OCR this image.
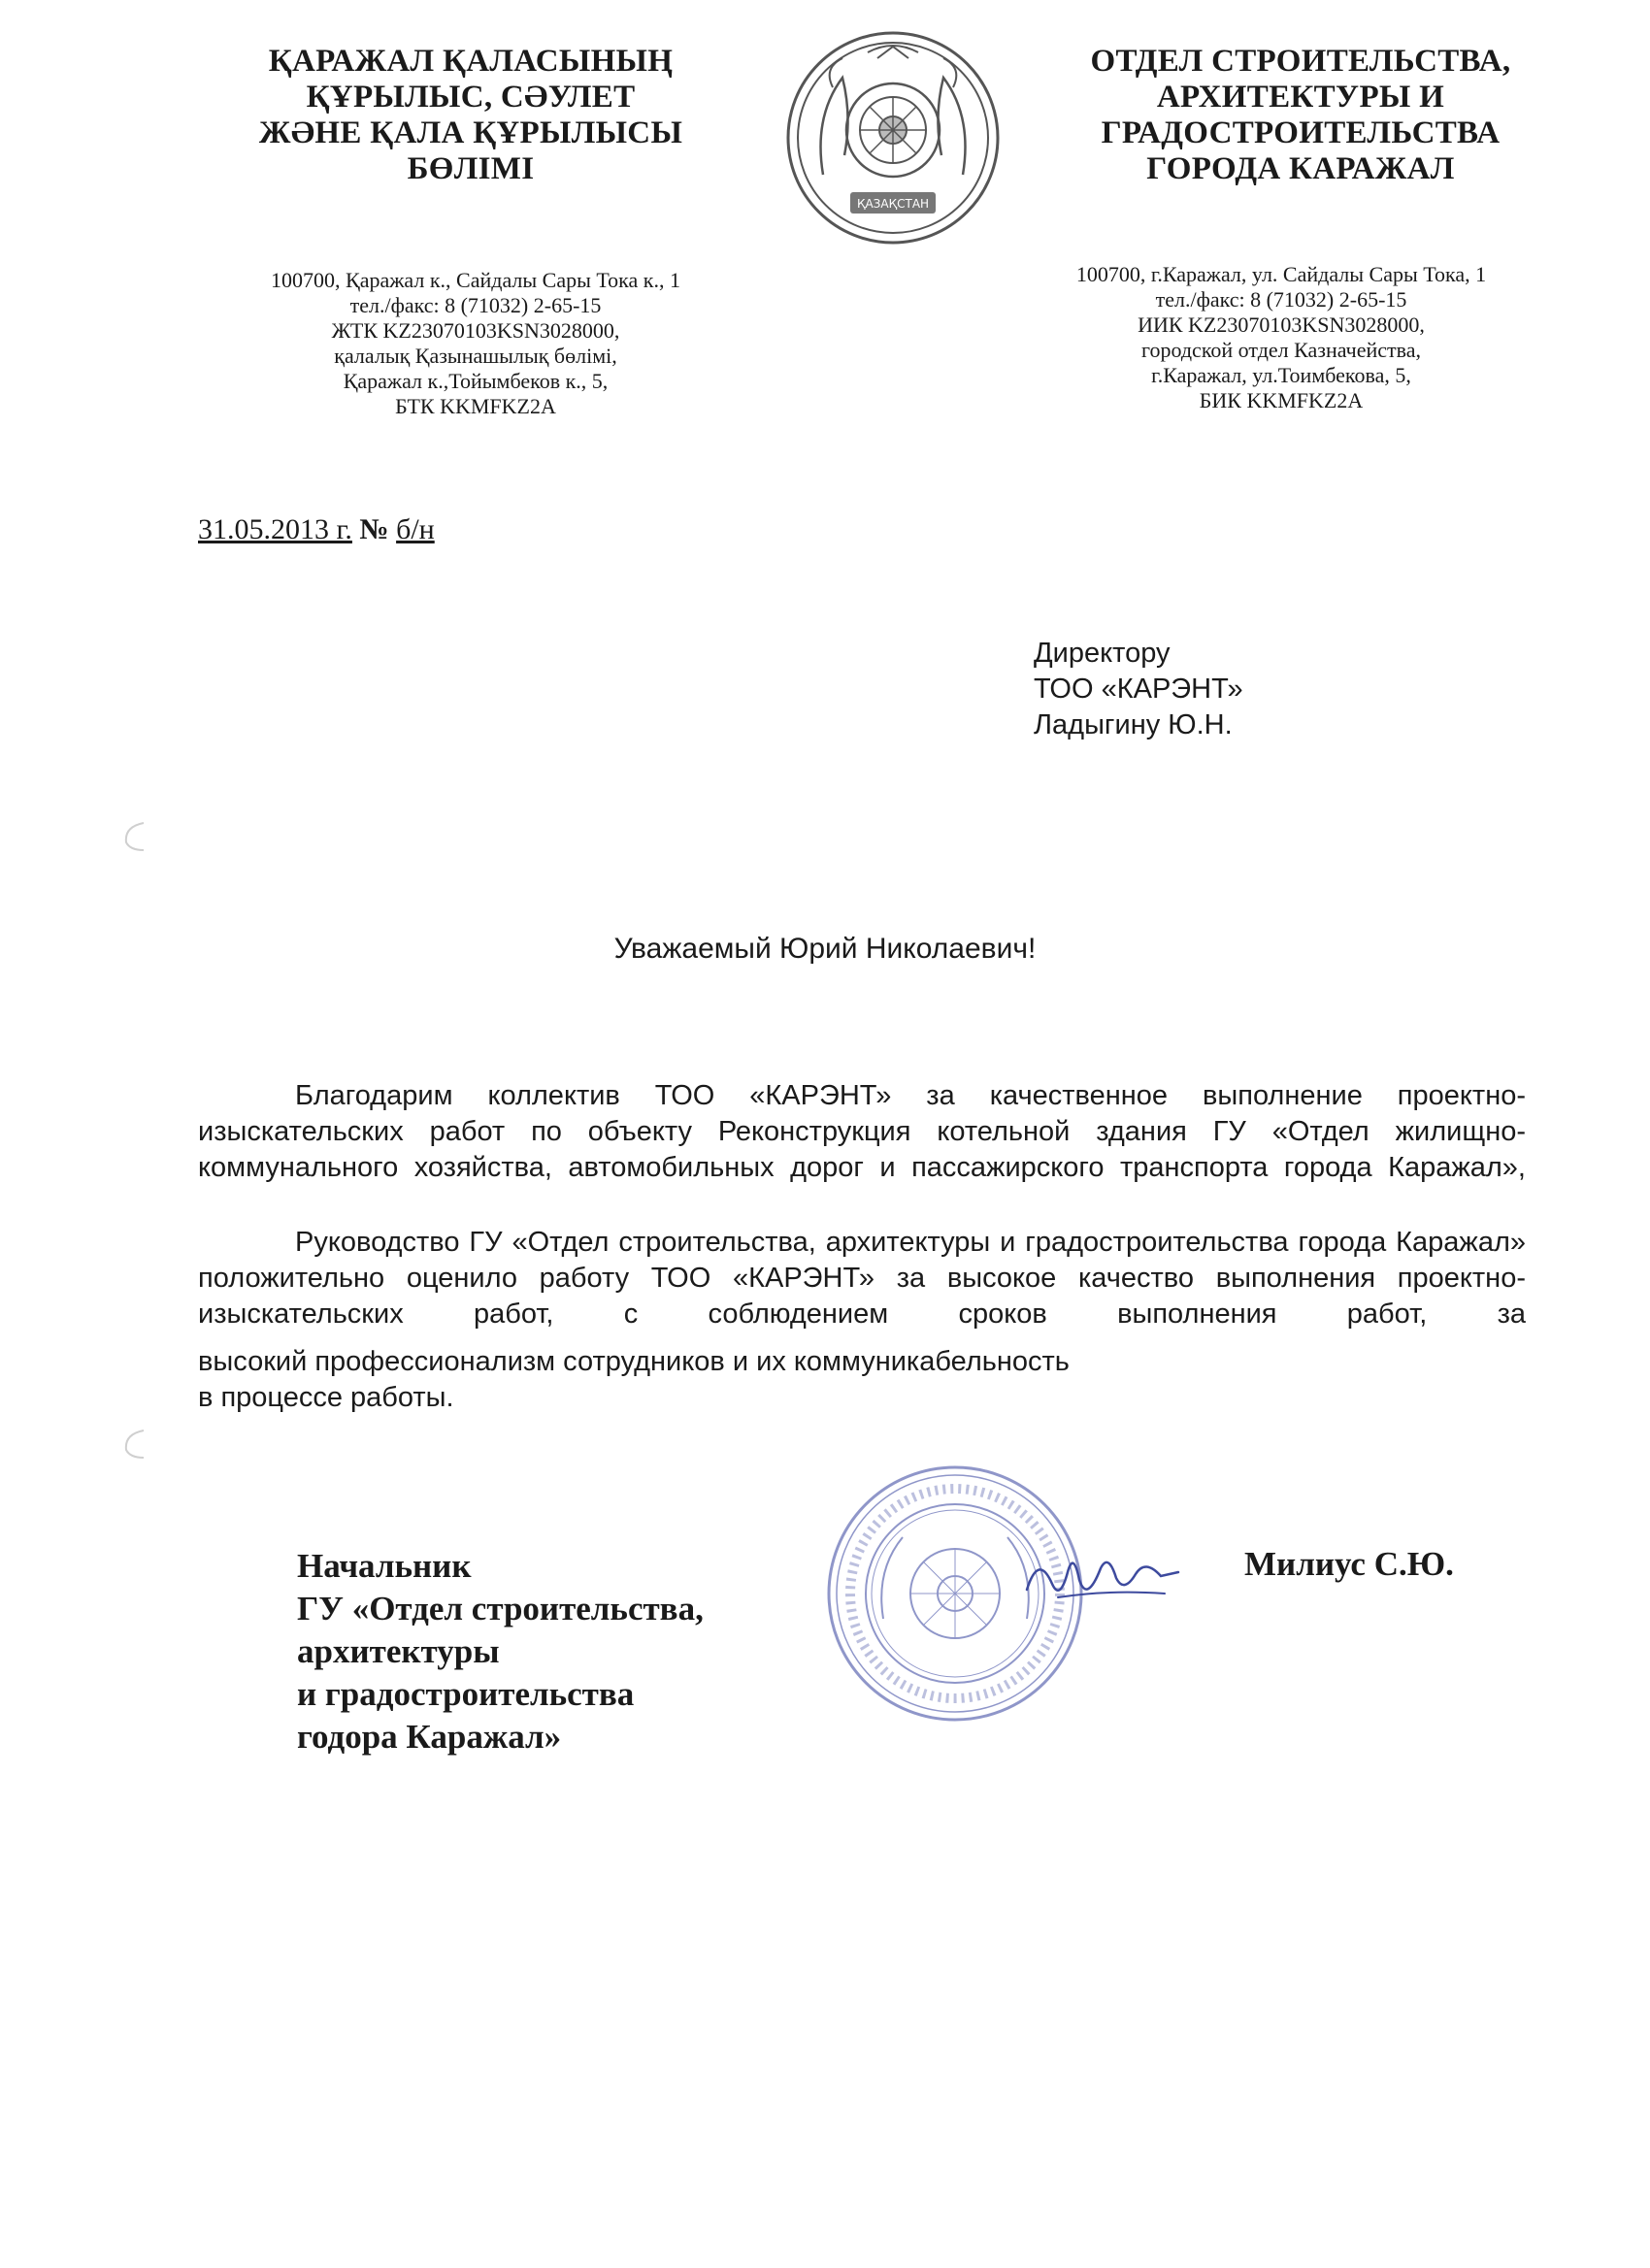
ҚАРАЖАЛ ҚАЛАСЫНЫҢ
ҚҰРЫЛЫС, СӘУЛЕТ
ЖӘНЕ ҚАЛА ҚҰРЫЛЫСЫ
БӨЛІМІ
ҚАЗАҚСТАН
ОТДЕЛ СТРОИТЕЛЬСТВА,
АРХИТЕКТУРЫ И
ГРАДОСТРОИТЕЛЬСТВА
ГОРОДА КАРАЖАЛ
100700, Қаражал к., Сайдалы Сары Тока к., 1
тел./факс: 8 (71032) 2-65-15
ЖТК KZ23070103KSN3028000,
қалалық Қазынашылық бөлімі,
Қаражал к.,Тойымбеков к., 5,
БТК KKMFKZ2A
100700, г.Каражал, ул. Сайдалы Сары Тока, 1
тел./факс: 8 (71032) 2-65-15
ИИК KZ23070103KSN3028000,
городской отдел Казначейства,
г.Каражал, ул.Тоимбекова, 5,
БИК KKMFKZ2A
31.05.2013 г. № б/н
Директору
ТОО «КАРЭНТ»
Ладыгину Ю.Н.
Уважаемый Юрий Николаевич!
Благодарим коллектив ТОО «КАРЭНТ» за качественное выполнение проектно-изыскательских работ по объекту Реконструкция котельной здания ГУ «Отдел жилищно-коммунального хозяйства, автомобильных дорог и пассажирского транспорта города Каражал»,
Руководство ГУ «Отдел строительства, архитектуры и градостроительства города Каражал» положительно оценило работу ТОО «КАРЭНТ» за высокое качество выполнения проектно-изыскательских работ, с соблюдением сроков выполнения работ, за
высокий профессионализм сотрудников и их коммуникабельность
в процессе работы.
Начальник
ГУ «Отдел строительства,
архитектуры
и градостроительства
годора Каражал»
Милиус С.Ю.
